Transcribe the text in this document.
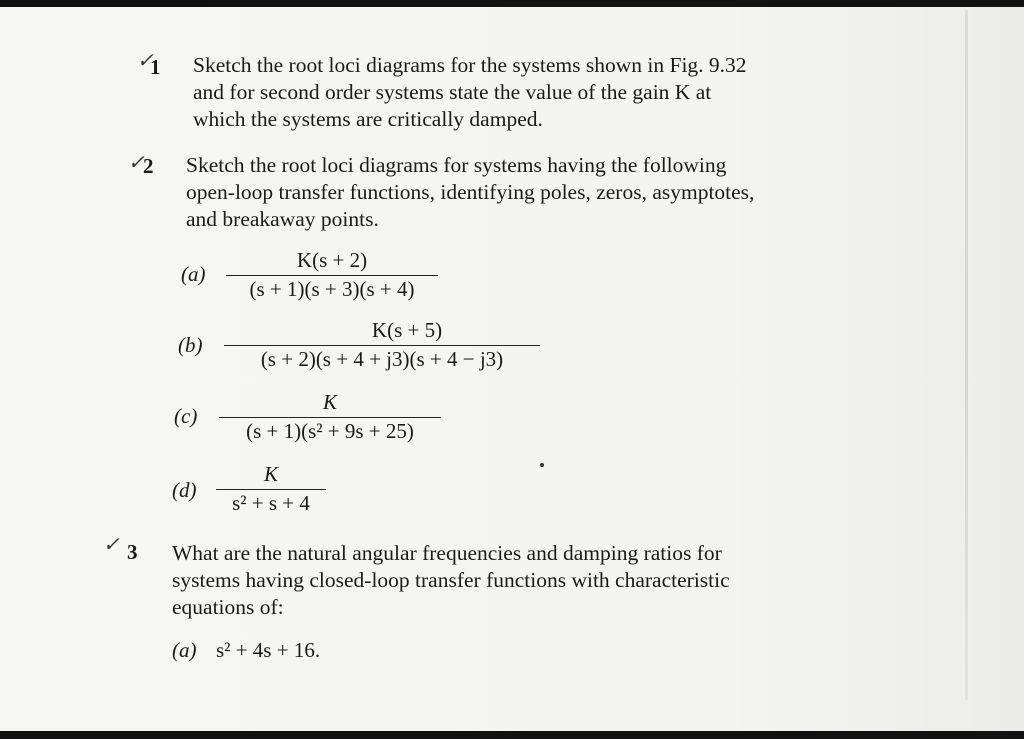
✓
1 Sketch the root loci diagrams for the systems shown in Fig. 9.32
and for second order systems state the value of the gain K at
which the systems are critically damped.
✓
2 Sketch the root loci diagrams for systems having the following
open-loop transfer functions, identifying poles, zeros, asymptotes,
and breakaway points.
(a)
K(s + 2)
(s + 1)(s + 3)(s + 4)
(b)
K(s + 5)
(s + 2)(s + 4 + j3)(s + 4 − j3)
(c)
K
(s + 1)(s² + 9s + 25)
(d)
K
s² + s + 4
✓ 3 What are the natural angular frequencies and damping ratios for
systems having closed-loop transfer functions with characteristic
equations of:
(a) s² + 4s + 16.
